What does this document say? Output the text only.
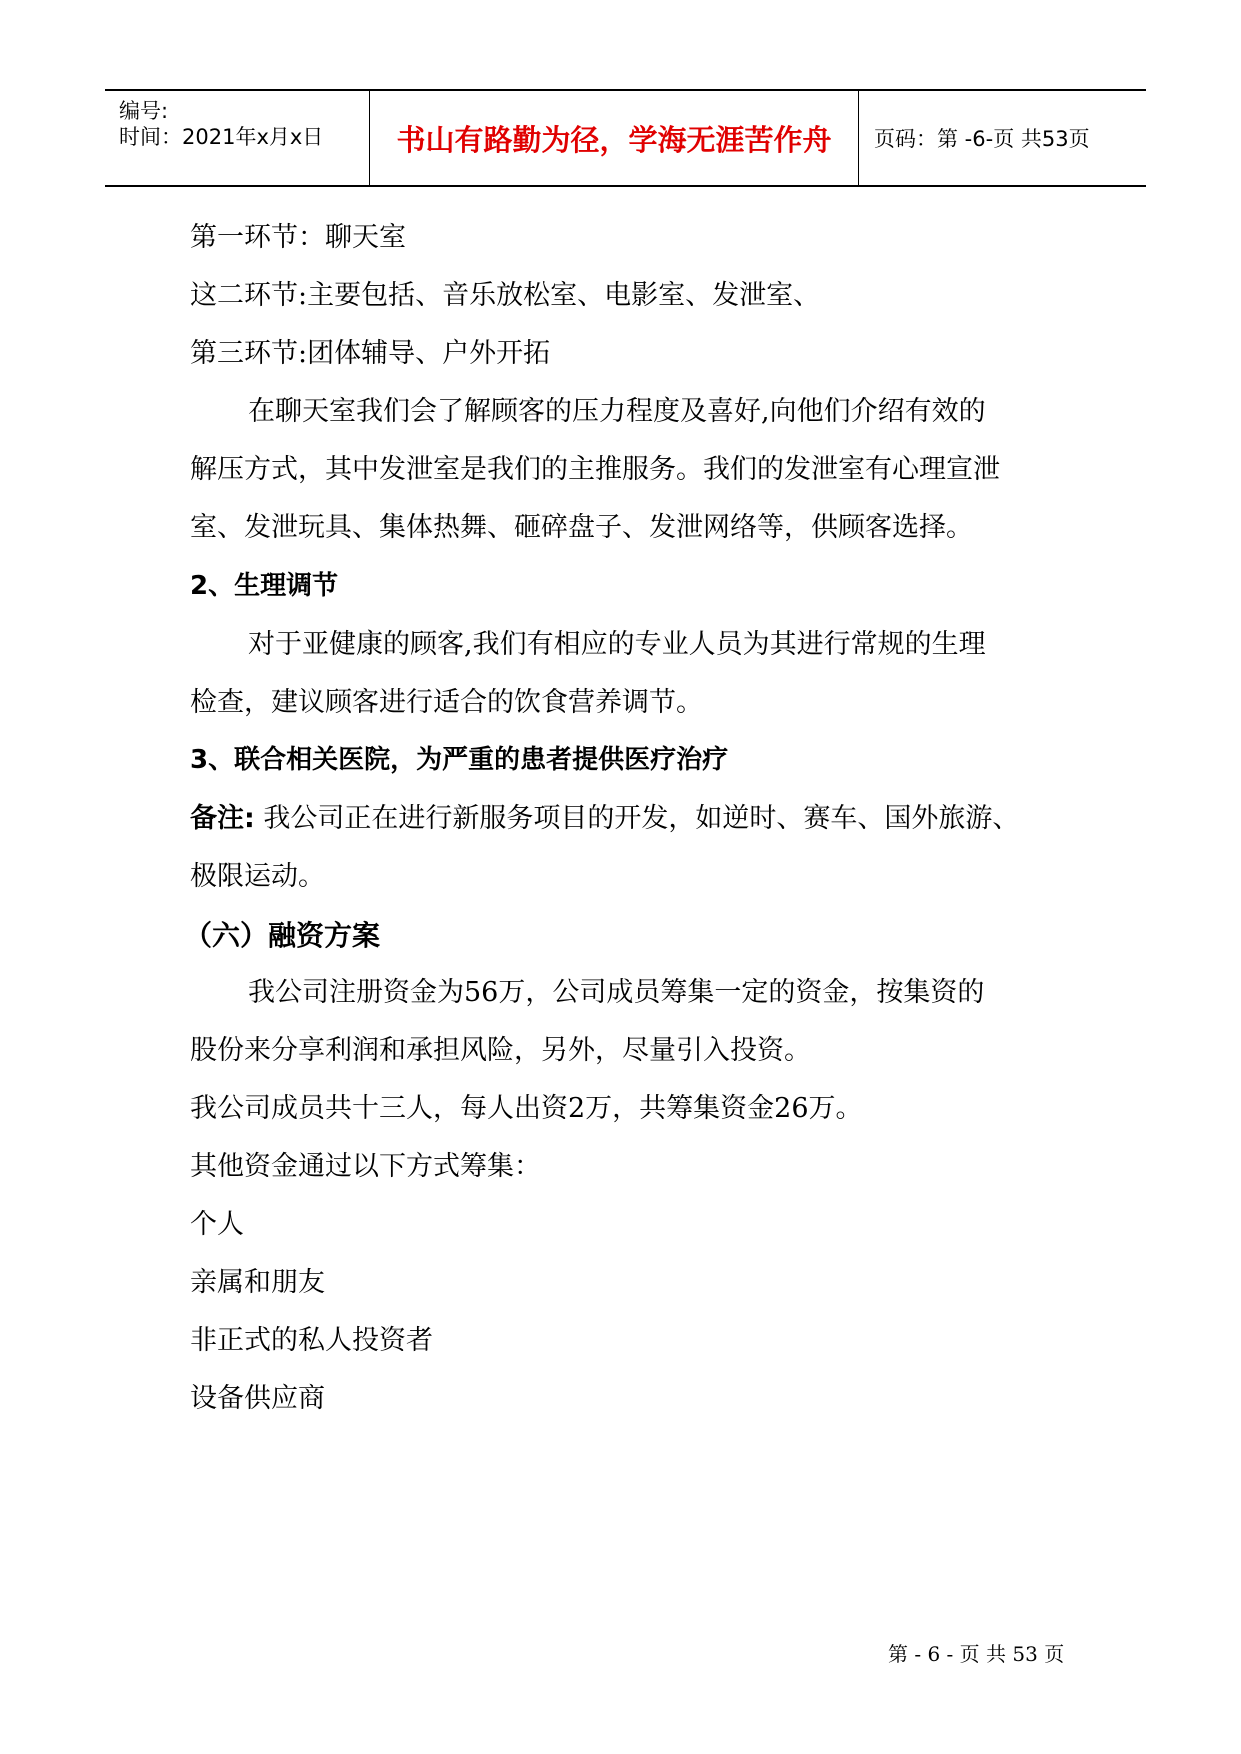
编号:
时间：2021年x月x日	书山有路勤为径，学海无涯苦作舟	页码：第 -6-页 共53页
第一环节：聊天室
这二环节:主要包括、音乐放松室、电影室、发泄室、
第三环节:团体辅导、户外开拓
在聊天室我们会了解顾客的压力程度及喜好,向他们介绍有效的
解压方式，其中发泄室是我们的主推服务。我们的发泄室有心理宣泄
室、发泄玩具、集体热舞、砸碎盘子、发泄网络等，供顾客选择。
2、生理调节
对于亚健康的顾客,我们有相应的专业人员为其进行常规的生理
检查，建议顾客进行适合的饮食营养调节。
3、联合相关医院，为严重的患者提供医疗治疗
备注: 我公司正在进行新服务项目的开发，如逆时、赛车、国外旅游、
极限运动。
（六）融资方案
我公司注册资金为56万，公司成员筹集一定的资金，按集资的
股份来分享利润和承担风险，另外，尽量引入投资。
我公司成员共十三人，每人出资2万，共筹集资金26万。
其他资金通过以下方式筹集：
个人
亲属和朋友
非正式的私人投资者
设备供应商
第 - 6 - 页 共 53 页
